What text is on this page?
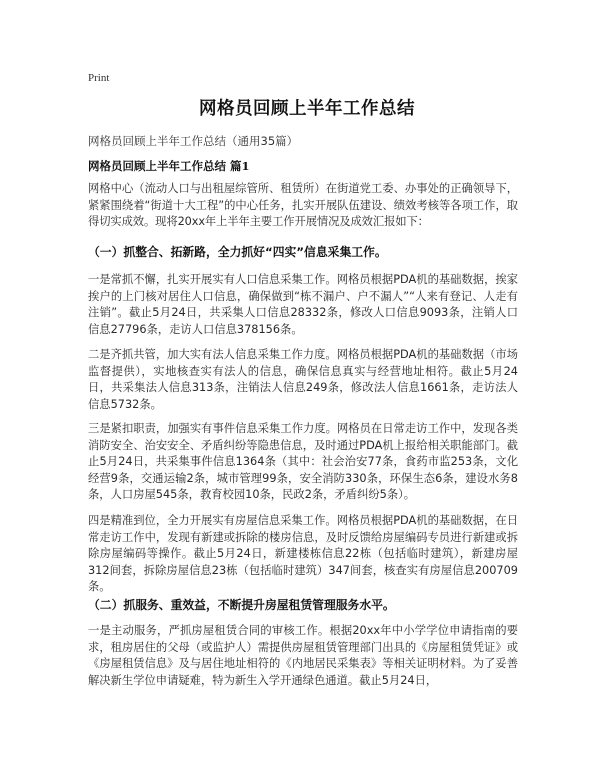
Print
网格员回顾上半年工作总结
网格员回顾上半年工作总结（通用35篇）
网格员回顾上半年工作总结 篇1
网格中心（流动人口与出租屋综管所、租赁所）在街道党工委、办事处的正确领导下，紧紧围绕着“街道十大工程”的中心任务，扎实开展队伍建设、绩效考核等各项工作，取得切实成效。现将20xx年上半年主要工作开展情况及成效汇报如下：
（一）抓整合、拓新路，全力抓好“四实”信息采集工作。
一是常抓不懈，扎实开展实有人口信息采集工作。网格员根据PDA机的基础数据，挨家挨户的上门核对居住人口信息，确保做到“栋不漏户、户不漏人”“人来有登记、人走有注销”。截止5月24日，共采集人口信息28332条，修改人口信息9093条，注销人口信息27796条，走访人口信息378156条。
二是齐抓共管，加大实有法人信息采集工作力度。网格员根据PDA机的基础数据（市场监督提供），实地核查实有法人的信息，确保信息真实与经营地址相符。截止5月24日，共采集法人信息313条，注销法人信息249条，修改法人信息1661条，走访法人信息5732条。
三是紧扣职责，加强实有事件信息采集工作力度。网格员在日常走访工作中，发现各类消防安全、治安安全、矛盾纠纷等隐患信息，及时通过PDA机上报给相关职能部门。截止5月24日，共采集事件信息1364条（其中：社会治安77条，食药市监253条，文化经营9条，交通运输2条，城市管理99条，安全消防330条，环保生态6条，建设水务8条，人口房屋545条，教育校园10条，民政2条，矛盾纠纷5条）。
四是精准到位，全力开展实有房屋信息采集工作。网格员根据PDA机的基础数据，在日常走访工作中，发现有新建或拆除的楼房信息，及时反馈给房屋编码专员进行新建或拆除房屋编码等操作。截止5月24日，新建楼栋信息22栋（包括临时建筑），新建房屋312间套，拆除房屋信息23栋（包括临时建筑）347间套，核查实有房屋信息200709条。
（二）抓服务、重效益，不断提升房屋租赁管理服务水平。
一是主动服务，严抓房屋租赁合同的审核工作。根据20xx年中小学学位申请指南的要求，租房居住的父母（或监护人）需提供房屋租赁管理部门出具的《房屋租赁凭证》或《房屋租赁信息》及与居住地址相符的《内地居民采集表》等相关证明材料。为了妥善解决新生学位申请疑难，特为新生入学开通绿色通道。截止5月24日，
